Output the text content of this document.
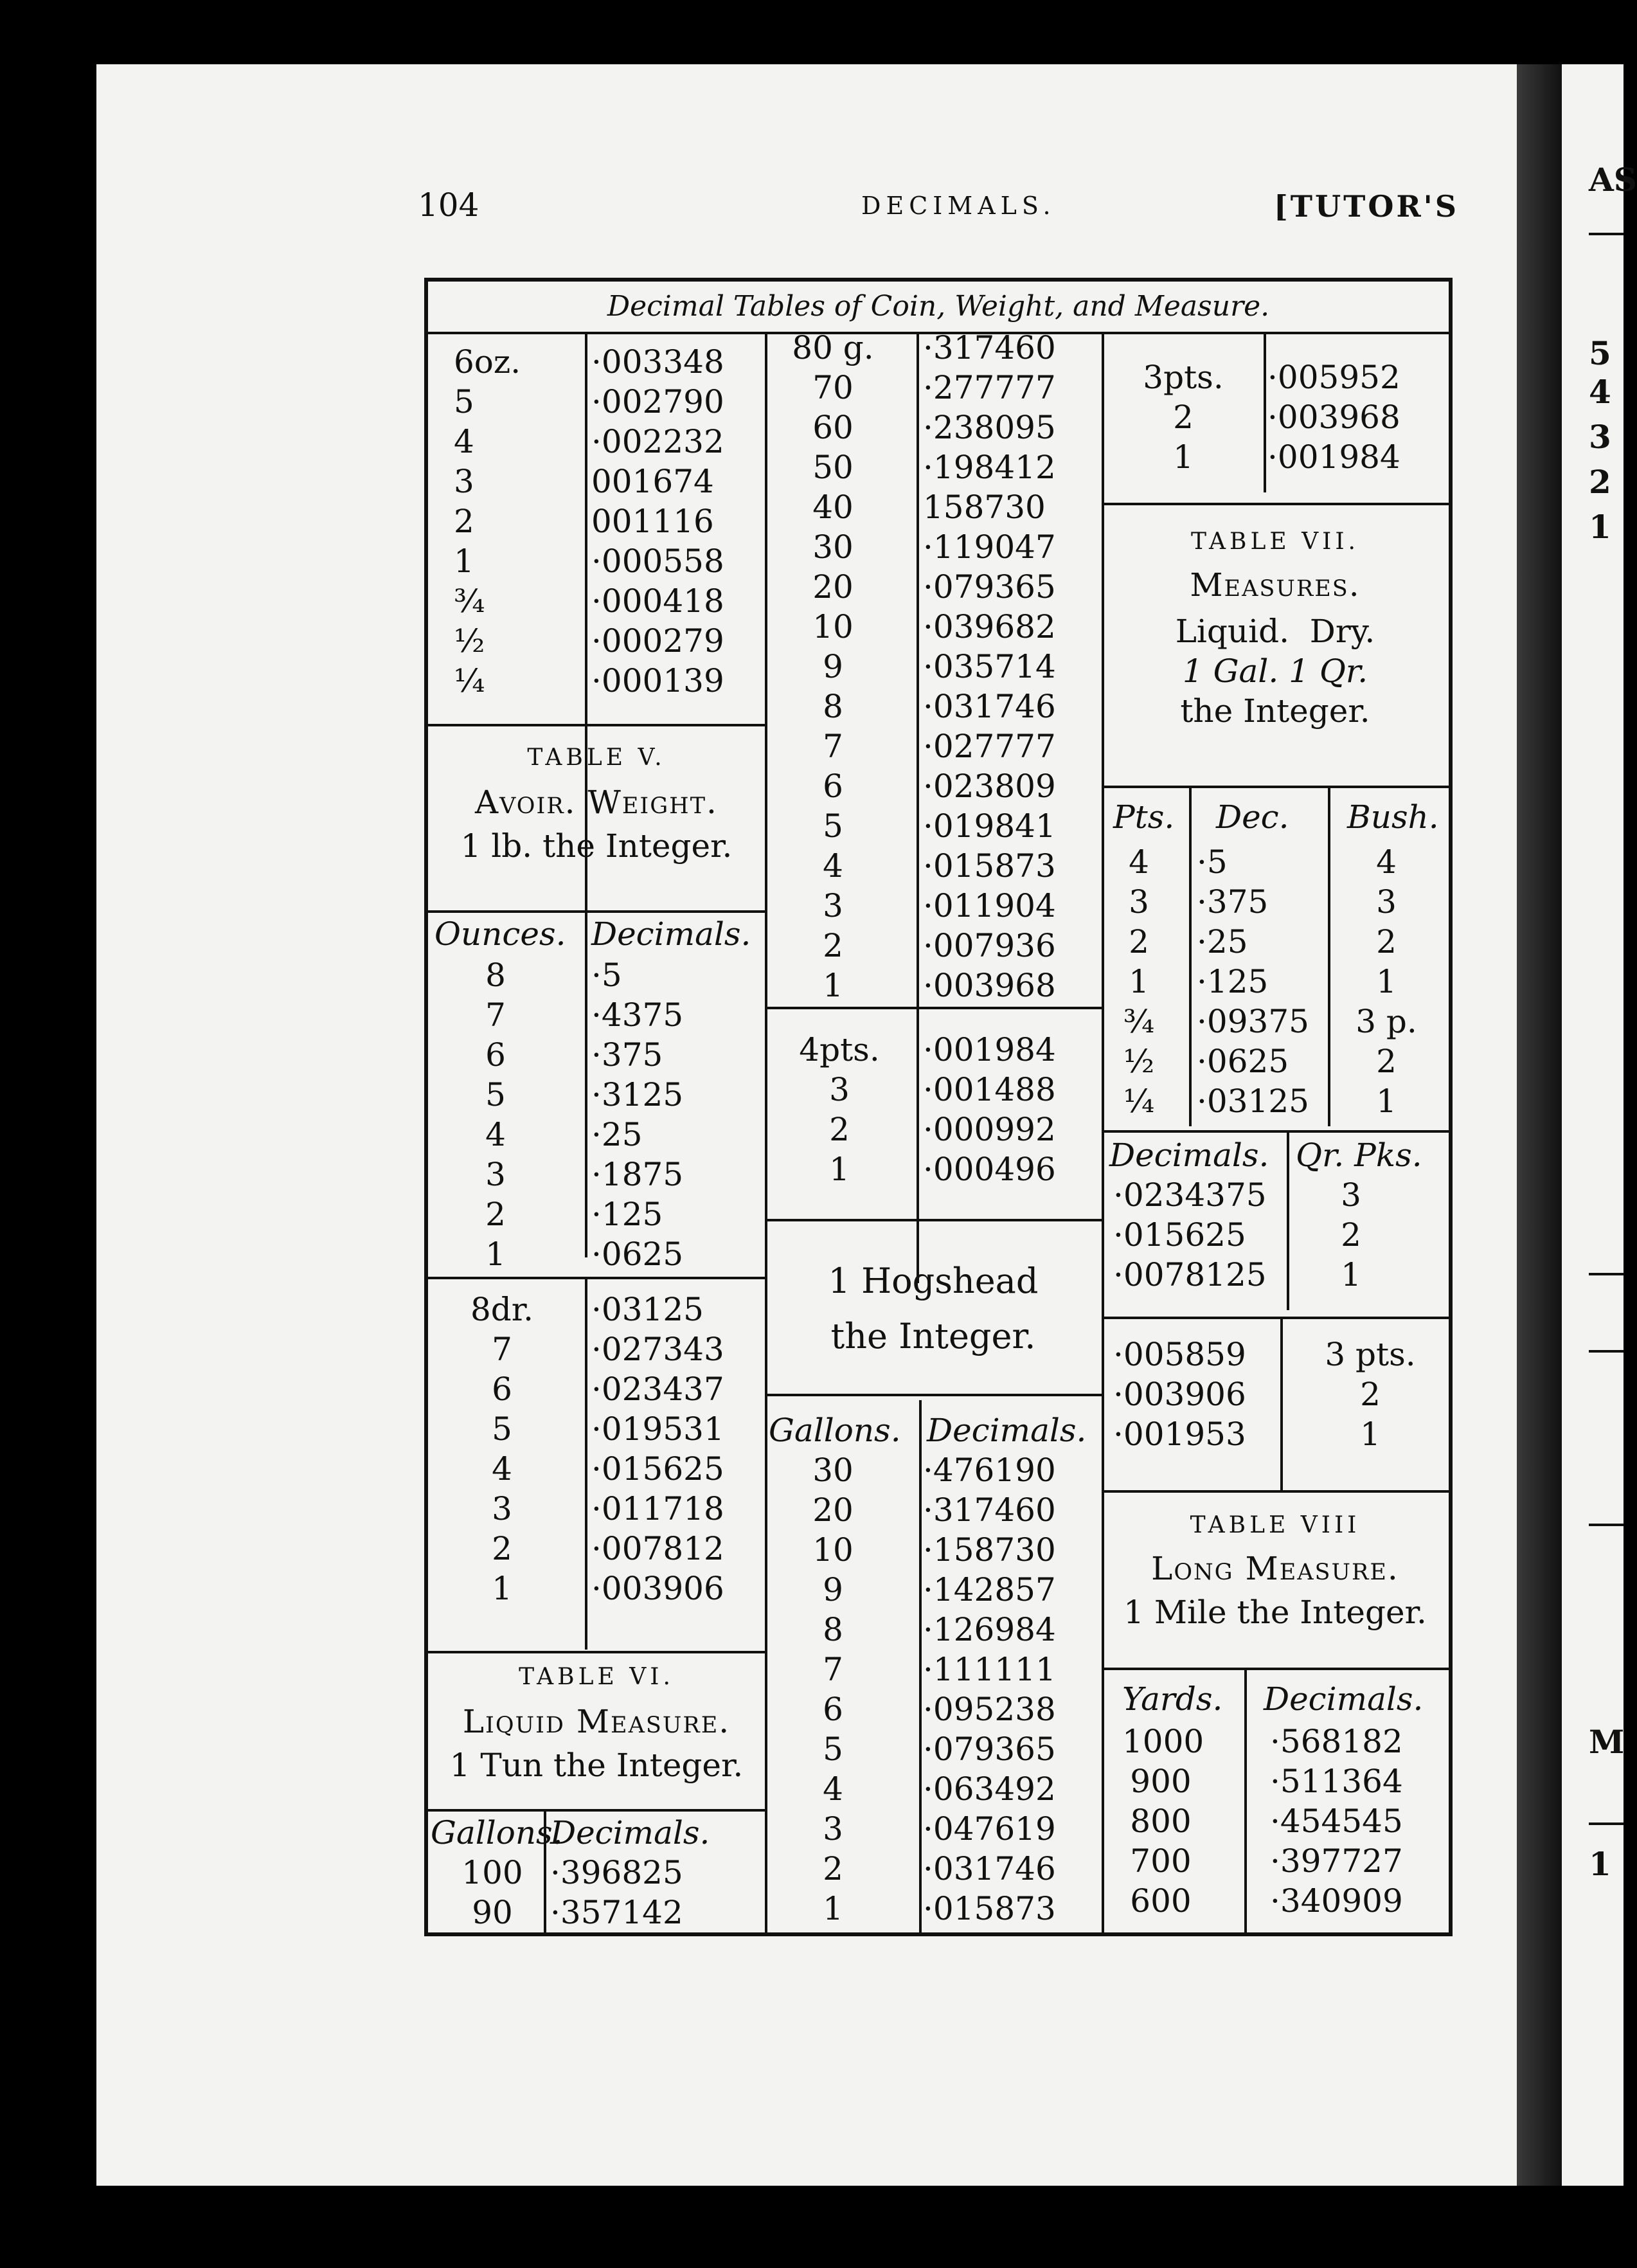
AS
5
4
3
2
1
M
1
104	DECIMALS.	[TUTOR'S
Decimal Tables of Coin, Weight, and Measure.
6oz.	·003348
5	·002790
4	·002232
3	001674
2	001116
1	·000558
¾	·000418
½	·000279
¼	·000139
TABLE V.
Avoir. Weight.
1 lb. the Integer.
Ounces. Decimals.
8	·5
7	·4375
6	·375
5	·3125
4	·25
3	·1875
2	·125
1	·0625
8dr.	·03125
7	·027343
6	·023437
5	·019531
4	·015625
3	·011718
2	·007812
1	·003906
TABLE VI.
Liquid Measure.
1 Tun the Integer.
Gallons.
Decimals.
100 ·396825
90	·357142
80 g. ·317460
70	·277777
60	·238095
50	·198412
40	158730
30	·119047
20	·079365
10	·039682
9	·035714
8	·031746
7	·027777
6	·023809
5	·019841
4	·015873
3	·011904
2	·007936
1	·003968
4pts.	·001984
3	·001488
2	·000992
1	·000496
1 Hogshead the Integer.
Gallons. Decimals.
30	·476190
20	·317460
10	·158730
9	·142857
8	·126984
7	·111111
6	·095238
5	·079365
4	·063492
3	·047619
2	·031746
1	·015873
3pts.	·005952
2	·003968
1	·001984
TABLE VII.
Measures.
Liquid.  Dry.
1 Gal. 1 Qr.
the Integer.
Pts. Dec. Bush.
4	·5	4
3	·375	3
2	·25	2
1	·125	1
¾	·09375	3 p.
½	·0625	2
¼	·03125	1
Decimals. Qr. Pks.
·0234375	3
·015625	2
·0078125	1
·005859	3 pts.
·003906	2
·001953	1
TABLE VIII
Long Measure.
1 Mile the Integer.
Yards. Decimals.
1000 ·568182
900 ·511364
800 ·454545
700 ·397727
600 ·340909
